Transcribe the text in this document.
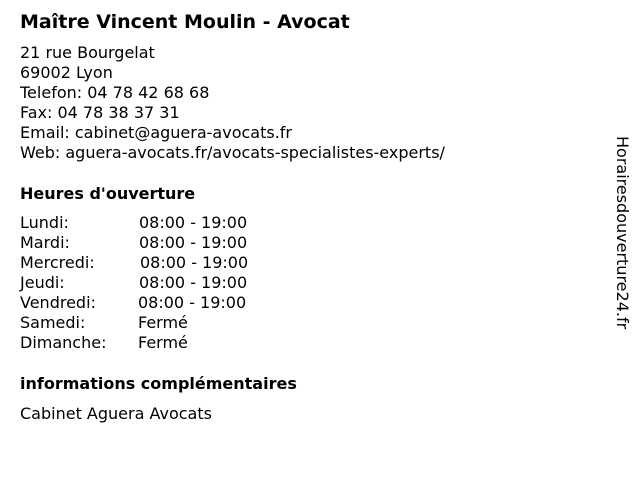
Maître Vincent Moulin - Avocat
21 rue Bourgelat
69002 Lyon
Telefon: 04 78 42 68 68
Fax: 04 78 38 37 31
Email: cabinet@aguera-avocats.fr
Web: aguera-avocats.fr/avocats-specialistes-experts/
Heures d'ouverture
Lundi:	08:00 - 19:00
Mardi:	08:00 - 19:00
Mercredi:	08:00 - 19:00
Jeudi:	08:00 - 19:00
Vendredi:	08:00 - 19:00
Samedi:	Fermé
Dimanche: Fermé
informations complémentaires
Cabinet Aguera Avocats
Horairesdouverture24.fr
